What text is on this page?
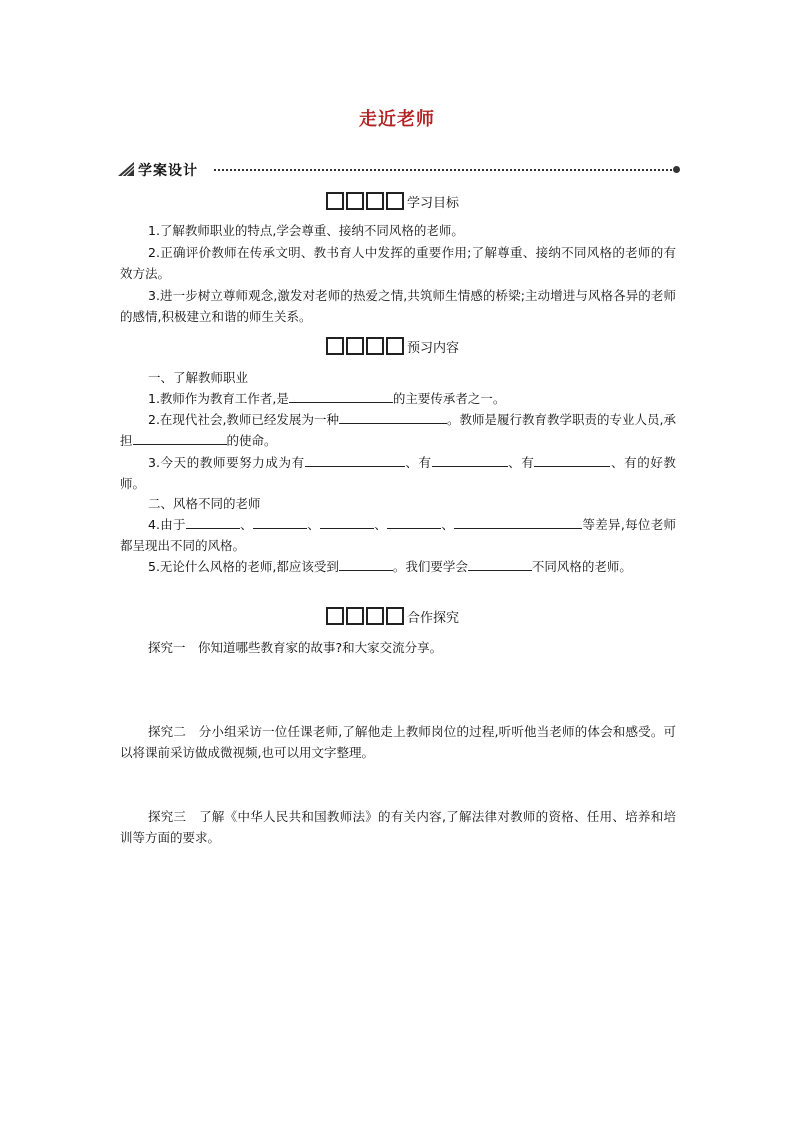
走近老师
学案设计
学习目标
1.了解教师职业的特点,学会尊重、接纳不同风格的老师。
2.正确评价教师在传承文明、教书育人中发挥的重要作用;了解尊重、接纳不同风格的老师的有效方法。
3.进一步树立尊师观念,激发对老师的热爱之情,共筑师生情感的桥梁;主动增进与风格各异的老师的感情,积极建立和谐的师生关系。
预习内容
一、了解教师职业
1.教师作为教育工作者,是	的主要传承者之一。
2.在现代社会,教师已经发展为一种	。教师是履行教育教学职责的专业人员,承担	的使命。
3.今天的教师要努力成为有	、有	、有	、有的好教师。
二、风格不同的老师
4.由于	、	、	、	、	等差异,每位老师都呈现出不同的风格。
5.无论什么风格的老师,都应该受到	。我们要学会	不同风格的老师。
合作探究
探究一　你知道哪些教育家的故事?和大家交流分享。
探究二　分小组采访一位任课老师,了解他走上教师岗位的过程,听听他当老师的体会和感受。可以将课前采访做成微视频,也可以用文字整理。
探究三　了解《中华人民共和国教师法》的有关内容,了解法律对教师的资格、任用、培养和培训等方面的要求。
